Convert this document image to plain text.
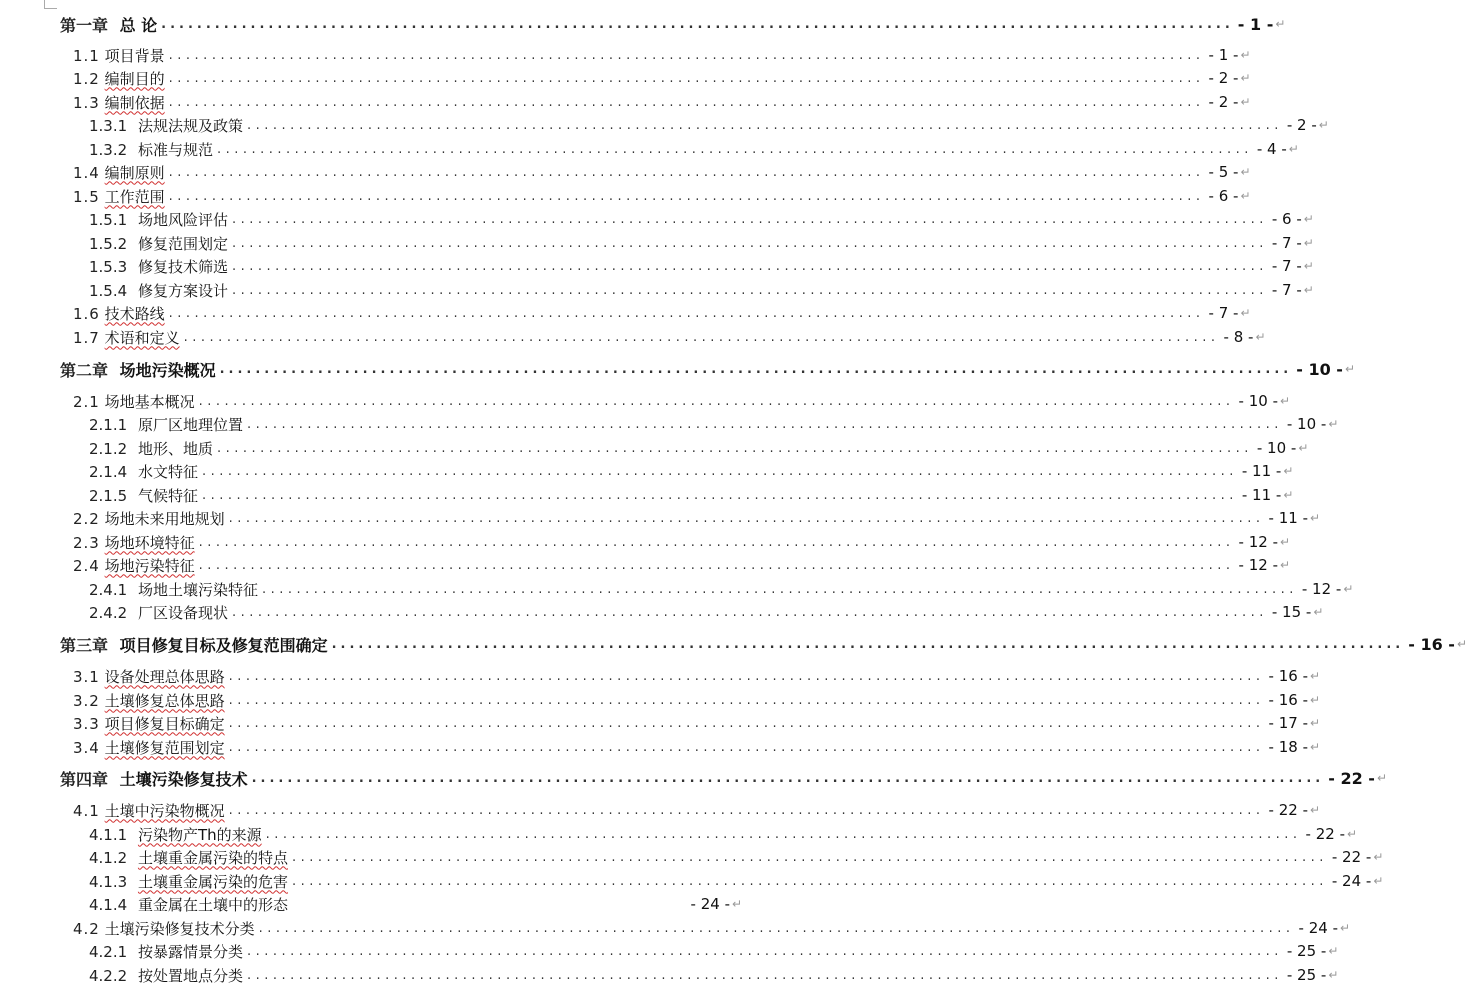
第一章 总 论 ........................................................................................................................ - 1 - ↵
1.1 项目背景 ........................................................................................................................ - 1 - ↵
1.2 编制目的 ........................................................................................................................ - 2 - ↵
1.3 编制依据 ........................................................................................................................ - 2 - ↵
1.3.1 法规法规及政策 ........................................................................................................................ - 2 - ↵
1.3.2 标准与规范 ........................................................................................................................ - 4 - ↵
1.4 编制原则 ........................................................................................................................ - 5 - ↵
1.5 工作范围 ........................................................................................................................ - 6 - ↵
1.5.1 场地风险评估 ........................................................................................................................ - 6 - ↵
1.5.2 修复范围划定 ........................................................................................................................ - 7 - ↵
1.5.3 修复技术筛选 ........................................................................................................................ - 7 - ↵
1.5.4 修复方案设计 ........................................................................................................................ - 7 - ↵
1.6 技术路线 ........................................................................................................................ - 7 - ↵
1.7 术语和定义 ........................................................................................................................ - 8 - ↵
第二章 场地污染概况 ........................................................................................................................ - 10 - ↵
2.1 场地基本概况 ........................................................................................................................ - 10 - ↵
2.1.1 原厂区地理位置 ........................................................................................................................ - 10 - ↵
2.1.2 地形、地质 ........................................................................................................................ - 10 - ↵
2.1.4 水文特征 ........................................................................................................................ - 11 - ↵
2.1.5 气候特征 ........................................................................................................................ - 11 - ↵
2.2 场地未来用地规划 ........................................................................................................................ - 11 - ↵
2.3 场地环境特征 ........................................................................................................................ - 12 - ↵
2.4 场地污染特征 ........................................................................................................................ - 12 - ↵
2.4.1 场地土壤污染特征 ........................................................................................................................ - 12 - ↵
2.4.2 厂区设备现状 ........................................................................................................................ - 15 - ↵
第三章 项目修复目标及修复范围确定 ........................................................................................................................ - 16 - ↵
3.1 设备处理总体思路 ........................................................................................................................ - 16 - ↵
3.2 土壤修复总体思路 ........................................................................................................................ - 16 - ↵
3.3 项目修复目标确定 ........................................................................................................................ - 17 - ↵
3.4 土壤修复范围划定 ........................................................................................................................ - 18 - ↵
第四章 土壤污染修复技术 ........................................................................................................................ - 22 - ↵
4.1 土壤中污染物概况 ........................................................................................................................ - 22 - ↵
4.1.1 污染物产Th的来源 ........................................................................................................................ - 22 - ↵
4.1.2 土壤重金属污染的特点 ........................................................................................................................ - 22 - ↵
4.1.3 土壤重金属污染的危害 ........................................................................................................................ - 24 - ↵
4.1.4 重金属在土壤中的形态	- 24 - ↵
4.2 土壤污染修复技术分类 ........................................................................................................................ - 24 - ↵
4.2.1 按暴露情景分类 ........................................................................................................................ - 25 - ↵
4.2.2 按处置地点分类 ........................................................................................................................ - 25 - ↵
